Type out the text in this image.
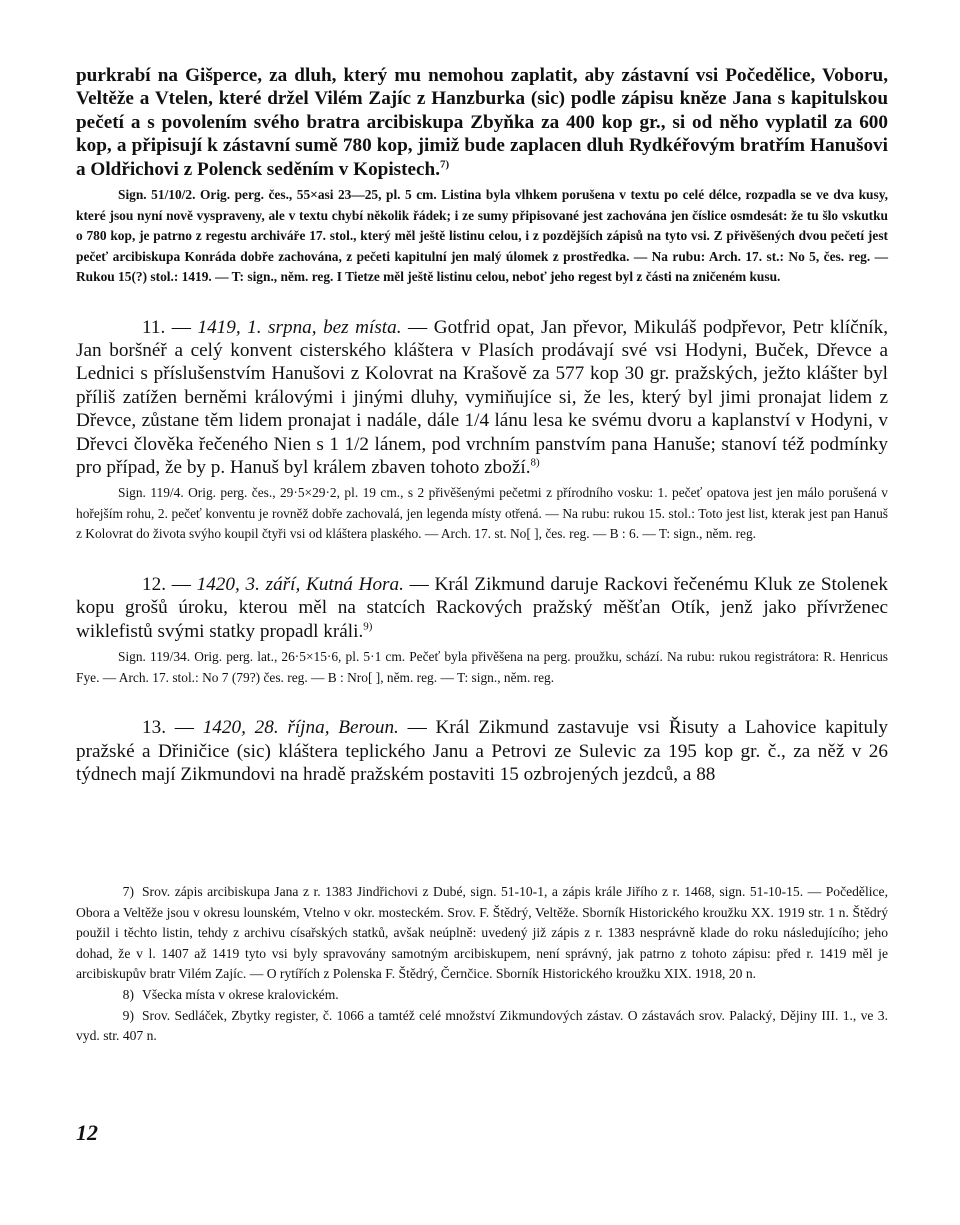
purkrabí na Gišperce, za dluh, který mu nemohou zaplatit, aby zástavní vsi Počedělice, Voboru, Veltěže a Vtelen, které držel Vilém Zajíc z Hanzburka (sic) podle zápisu kněze Jana s kapitulskou pečetí a s povolením svého bratra arcibiskupa Zbyňka za 400 kop gr., si od něho vyplatil za 600 kop, a připisují k zástavní sumě 780 kop, jimiž bude zaplacen dluh Rydkéřovým bratřím Hanušovi a Oldřichovi z Polenck seděním v Kopistech.$^{7)}$

Sign. 51/10/2. Orig. perg. čes., 55×asi 23—25, pl. 5 cm. Listina byla vlhkem porušena v textu po celé délce, rozpadla se ve dva kusy, které jsou nyní nově vyspraveny, ale v textu chybí několik řádek; i ze sumy připisované jest zachována jen číslice osmdesát: že tu šlo vskutku o 780 kop, je patrno z regestu archiváře 17. stol., který měl ještě listinu celou, i z pozdějších zápisů na tyto vsi. Z přivěšených dvou pečetí jest pečeť arcibiskupa Konráda dobře zachována, z pečeti kapitulní jen malý úlomek z prostředka. — Na rubu: Arch. 17. st.: No 5, čes. reg. — Rukou 15(?) stol.: 1419. — T: sign., něm. reg. I Tietze měl ještě listinu celou, neboť jeho regest byl z části na zničeném kusu.

11. — 1419, 1. srpna, bez místa. — Gotfrid opat, Jan převor, Mikuláš podpřevor, Petr klíčník, Jan boršnéř a celý konvent cisterského kláštera v Plasích prodávají své vsi Hodyni, Buček, Dřevce a Lednici s příslušenstvím Hanušovi z Kolovrat na Krašově za 577 kop 30 gr. pražských, ježto klášter byl příliš zatížen berněmi královými i jinými dluhy, vymiňujíce si, že les, který byl jimi pronajat lidem z Dřevce, zůstane těm lidem pronajat i nadále, dále 1/4 lánu lesa ke svému dvoru a kaplanství v Hodyni, v Dřevci člověka řečeného Nien s 1 1/2 lánem, pod vrchním panstvím pana Hanuše; stanoví též podmínky pro případ, že by p. Hanuš byl králem zbaven tohoto zboží.$^{8)}$

Sign. 119/4. Orig. perg. čes., 29·5×29·2, pl. 19 cm., s 2 přivěšenými pečetmi z přírodního vosku: 1. pečeť opatova jest jen málo porušená v hořejším rohu, 2. pečeť konventu je rovněž dobře zachovalá, jen legenda místy otřená. — Na rubu: rukou 15. stol.: Toto jest list, kterak jest pan Hanuš z Kolovrat do života svýho koupil čtyři vsi od kláštera plaského. — Arch. 17. st. No[ ], čes. reg. — B : 6. — T: sign., něm. reg.

12. — 1420, 3. září, Kutná Hora. — Král Zikmund daruje Rackovi řečenému Kluk ze Stolenek kopu grošů úroku, kterou měl na statcích Rackových pražský měšťan Otík, jenž jako přívrženec wiklefistů svými statky propadl králi.$^{9)}$

Sign. 119/34. Orig. perg. lat., 26·5×15·6, pl. 5·1 cm. Pečeť byla přivěšena na perg. proužku, schází. Na rubu: rukou registrátora: R. Henricus Fye. — Arch. 17. stol.: No 7 (79?) čes. reg. — B : Nro[ ], něm. reg. — T: sign., něm. reg.

13. — 1420, 28. října, Beroun. — Král Zikmund zastavuje vsi Řisuty a Lahovice kapituly pražské a Dřiničice (sic) kláštera teplického Janu a Petrovi ze Sulevic za 195 kop gr. č., za něž v 26 týdnech mají Zikmundovi na hradě pražském postaviti 15 ozbrojených jezdců, a 88

7) Srov. zápis arcibiskupa Jana z r. 1383 Jindřichovi z Dubé, sign. 51-10-1, a zápis krále Jiřího z r. 1468, sign. 51-10-15. — Počedělice, Obora a Veltěže jsou v okresu lounském, Vtelno v okr. mosteckém. Srov. F. Štědrý, Veltěže. Sborník Historického kroužku XX. 1919 str. 1 n. Štědrý použil i těchto listin, tehdy z archivu císařských statků, avšak neúplně: uvedený již zápis z r. 1383 nesprávně klade do roku následujícího; jeho dohad, že v l. 1407 až 1419 tyto vsi byly spravovány samotným arcibiskupem, není správný, jak patrno z tohoto zápisu: před r. 1419 měl je arcibiskupův bratr Vilém Zajíc. — O rytířích z Polenska F. Štědrý, Černčice. Sborník Historického kroužku XIX. 1918, 20 n.

8) Všecka místa v okrese kralovickém.

9) Srov. Sedláček, Zbytky register, č. 1066 a tamtéž celé množství Zikmundových zástav. O zástavách srov. Palacký, Dějiny III. 1., ve 3. vyd. str. 407 n.

12
